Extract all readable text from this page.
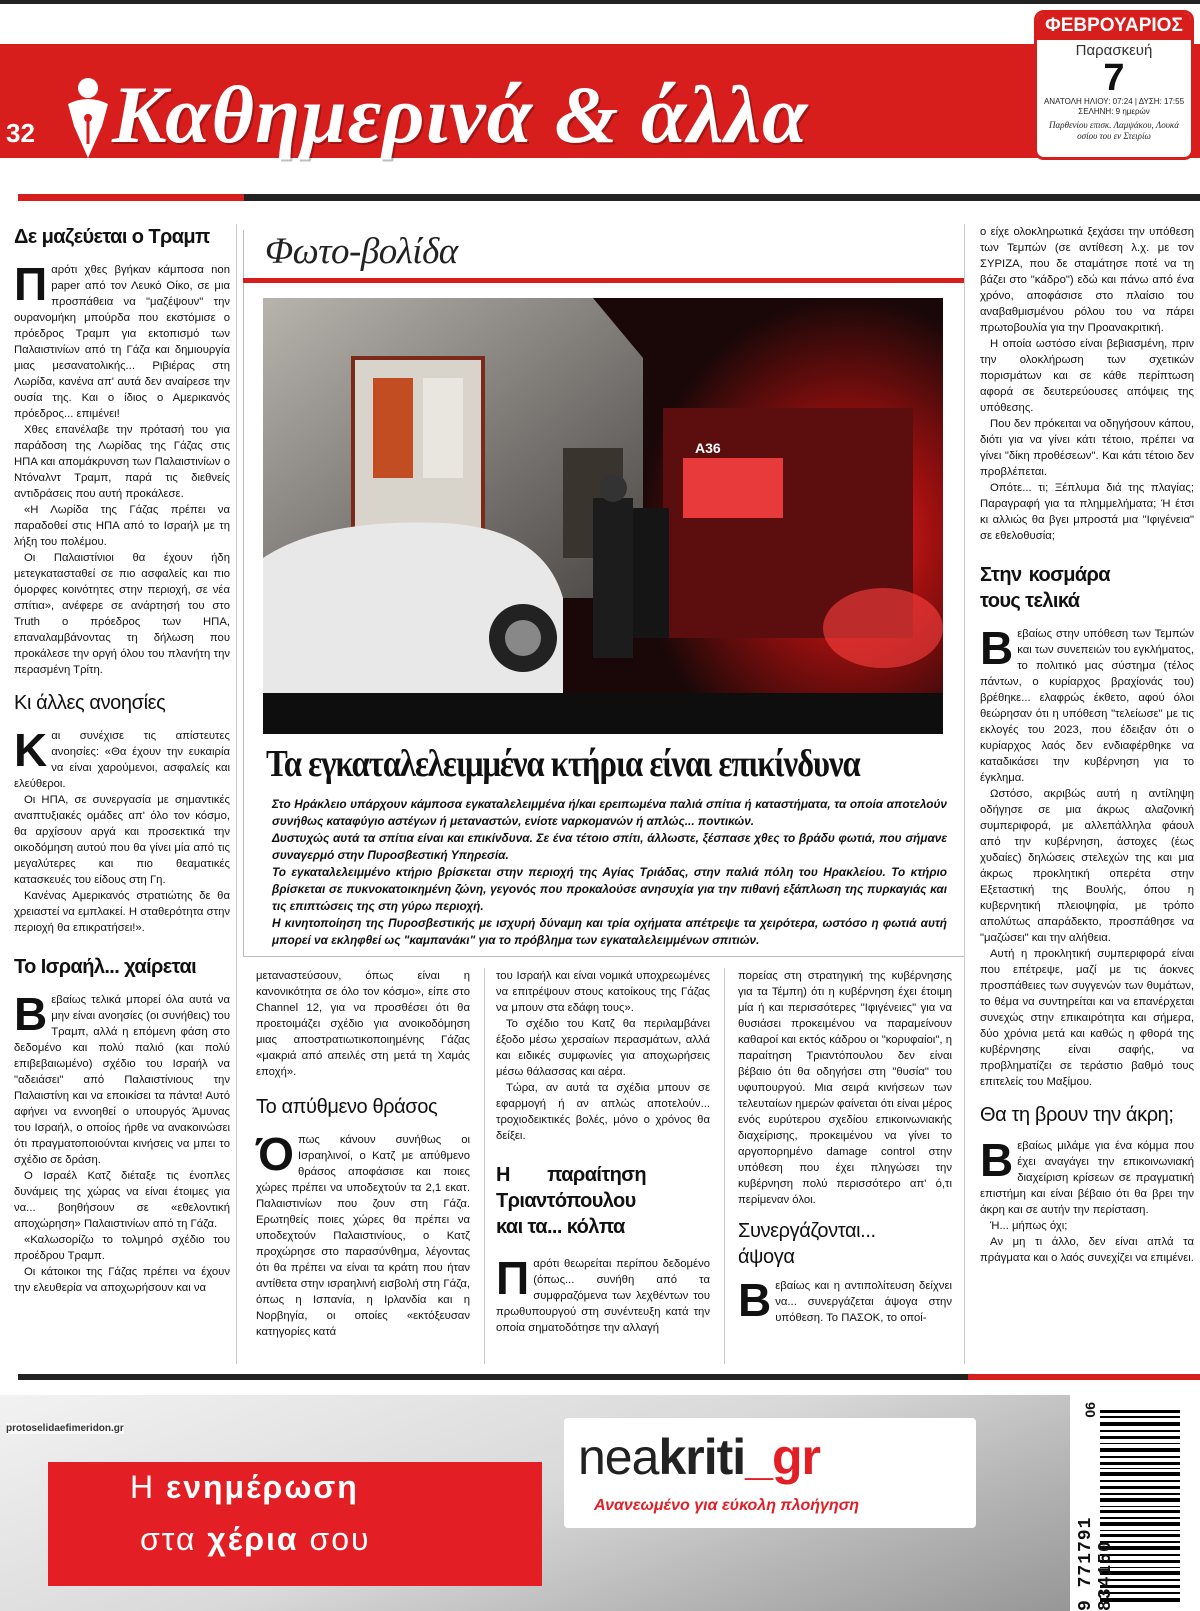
32 Καθημερινά & άλλα
ΦΕΒΡΟΥΑΡΙΟΣ
Παρασκευή
7
ΑΝΑΤΟΛΗ ΗΛΙΟΥ: 07:24 | ΔΥΣΗ: 17:55
ΣΕΛΗΝΗ: 9 ημερών
Παρθενίου επισκ. Λαμψάκου, Λουκά οσίου του εν Στειρίω
Δε μαζεύεται ο Τραμπ

Παρότι χθες βγήκαν κάμποσα non paper από τον Λευκό Οίκο, σε μια προσπάθεια να "μαζέψουν" την ουρανομήκη μπούρδα που εκστόμισε ο πρόεδρος Τραμπ για εκτοπισμό των Παλαιστινίων από τη Γάζα και δημιουργία μιας μεσανατολικής... Ριβιέρας στη Λωρίδα, κανένα απ' αυτά δεν αναίρεσε την ουσία της. Και ο ίδιος ο Αμερικανός πρόεδρος... επιμένει!

Χθες επανέλαβε την πρότασή του για παράδοση της Λωρίδας της Γάζας στις ΗΠΑ και απομάκρυνση των Παλαιστινίων ο Ντόναλντ Τραμπ, παρά τις διεθνείς αντιδράσεις που αυτή προκάλεσε.

«Η Λωρίδα της Γάζας πρέπει να παραδοθεί στις ΗΠΑ από το Ισραήλ με τη λήξη του πολέμου.

Οι Παλαιστίνιοι θα έχουν ήδη μετεγκατασταθεί σε πιο ασφαλείς και πιο όμορφες κοινότητες στην περιοχή, σε νέα σπίτια», ανέφερε σε ανάρτησή του στο Truth ο πρόεδρος των ΗΠΑ, επαναλαμβάνοντας τη δήλωση που προκάλεσε την οργή όλου του πλανήτη την περασμένη Τρίτη.

Κι άλλες ανοησίες

Και συνέχισε τις απίστευτες ανοησίες: «Θα έχουν την ευκαιρία να είναι χαρούμενοι, ασφαλείς και ελεύθεροι.

Οι ΗΠΑ, σε συνεργασία με σημαντικές αναπτυξιακές ομάδες απ' όλο τον κόσμο, θα αρχίσουν αργά και προσεκτικά την οικοδόμηση αυτού που θα γίνει μία από τις μεγαλύτερες και πιο θεαματικές κατασκευές του είδους στη Γη.

Κανένας Αμερικανός στρατιώτης δε θα χρειαστεί να εμπλακεί. Η σταθερότητα στην περιοχή θα επικρατήσει!».

Το Ισραήλ... χαίρεται

Βεβαίως τελικά μπορεί όλα αυτά να μην είναι ανοησίες (οι συνήθεις) του Τραμπ, αλλά η επόμενη φάση στο δεδομένο και πολύ παλιό (και πολύ επιβεβαιωμένο) σχέδιο του Ισραήλ να "αδειάσει" από Παλαιστίνιους την Παλαιστίνη και να εποικίσει τα πάντα! Αυτό αφήνει να εννοηθεί ο υπουργός Άμυνας του Ισραήλ, ο οποίος ήρθε να ανακοινώσει ότι πραγματοποιούνται κινήσεις να μπει το σχέδιο σε δράση.

Ο Ισραέλ Κατζ διέταξε τις ένοπλες δυνάμεις της χώρας να είναι έτοιμες για να... βοηθήσουν σε «εθελοντική αποχώρηση» Παλαιστινίων από τη Γάζα.

«Καλωσορίζω το τολμηρό σχέδιο του προέδρου Τραμπ.

Οι κάτοικοι της Γάζας πρέπει να έχουν την ελευθερία να αποχωρήσουν και να

Φωτο-βολίδα
A36
Τα εγκαταλελειμμένα κτήρια είναι επικίνδυνα

Στο Ηράκλειο υπάρχουν κάμποσα εγκαταλελειμμένα ή/και ερειπωμένα παλιά σπίτια ή καταστήματα, τα οποία αποτελούν συνήθως καταφύγιο αστέγων ή μεταναστών, ενίοτε ναρκομανών ή απλώς... ποντικών.

Δυστυχώς αυτά τα σπίτια είναι και επικίνδυνα. Σε ένα τέτοιο σπίτι, άλλωστε, ξέσπασε χθες το βράδυ φωτιά, που σήμανε συναγερμό στην Πυροσβεστική Υπηρεσία.

Το εγκαταλελειμμένο κτήριο βρίσκεται στην περιοχή της Αγίας Τριάδας, στην παλιά πόλη του Ηρακλείου. Το κτήριο βρίσκεται σε πυκνοκατοικημένη ζώνη, γεγονός που προκαλούσε ανησυχία για την πιθανή εξάπλωση της πυρκαγιάς και τις επιπτώσεις της στη γύρω περιοχή.

Η κινητοποίηση της Πυροσβεστικής με ισχυρή δύναμη και τρία οχήματα απέτρεψε τα χειρότερα, ωστόσο η φωτιά αυτή μπορεί να εκληφθεί ως "καμπανάκι" για το πρόβλημα των εγκαταλελειμμένων σπιτιών.

μεταναστεύσουν, όπως είναι η κανονικότητα σε όλο τον κόσμο», είπε στο Channel 12, για να προσθέσει ότι θα προετοιμάζει σχέδιο για ανοικοδόμηση μιας αποστρατιωτικοποιημένης Γάζας «μακριά από απειλές στη μετά τη Χαμάς εποχή».

Το απύθμενο θράσος

Όπως κάνουν συνήθως οι Ισραηλινοί, ο Κατζ με απύθμενο θράσος αποφάσισε και ποιες χώρες πρέπει να υποδεχτούν τα 2,1 εκατ. Παλαιστινίων που ζουν στη Γάζα. Ερωτηθείς ποιες χώρες θα πρέπει να υποδεχτούν Παλαιστινίους, ο Κατζ προχώρησε στο παρασύνθημα, λέγοντας ότι θα πρέπει να είναι τα κράτη που ήταν αντίθετα στην ισραηλινή εισβολή στη Γάζα, όπως η Ισπανία, η Ιρλανδία και η Νορβηγία, οι οποίες «εκτόξευσαν κατηγορίες κατά

του Ισραήλ και είναι νομικά υποχρεωμένες να επιτρέψουν στους κατοίκους της Γάζας να μπουν στα εδάφη τους».

Το σχέδιο του Κατζ θα περιλαμβάνει έξοδο μέσω χερσαίων περασμάτων, αλλά και ειδικές συμφωνίες για αποχωρήσεις μέσω θάλασσας και αέρα.

Τώρα, αν αυτά τα σχέδια μπουν σε εφαρμογή ή αν απλώς αποτελούν... τροχιοδεικτικές βολές, μόνο ο χρόνος θα δείξει.

Η παραίτηση Τριαντόπουλου και τα... κόλπα

Παρότι θεωρείται περίπου δεδομένο (όπως... συνήθη από τα συμφραζόμενα των λεχθέντων του πρωθυπουργού στη συνέντευξη κατά την οποία σηματοδότησε την αλλαγή

πορείας στη στρατηγική της κυβέρνησης για τα Τέμπη) ότι η κυβέρνηση έχει έτοιμη μία ή και περισσότερες "Ιφιγένειες" για να θυσιάσει προκειμένου να παραμείνουν καθαροί και εκτός κάδρου οι "κορυφαίοι", η παραίτηση Τριαντόπουλου δεν είναι βέβαιο ότι θα οδηγήσει στη "θυσία" του υφυπουργού. Μια σειρά κινήσεων των τελευταίων ημερών φαίνεται ότι είναι μέρος ενός ευρύτερου σχεδίου επικοινωνιακής διαχείρισης, προκειμένου να γίνει το αργοπορημένο damage control στην υπόθεση που έχει πληγώσει την κυβέρνηση πολύ περισσότερο απ' ό,τι περίμεναν όλοι.

Συνεργάζονται... άψογα

Βεβαίως και η αντιπολίτευση δείχνει να... συνεργάζεται άψογα στην υπόθεση. Το ΠΑΣΟΚ, το οποί-

ο είχε ολοκληρωτικά ξεχάσει την υπόθεση των Τεμπών (σε αντίθεση λ.χ. με τον ΣΥΡΙΖΑ, που δε σταμάτησε ποτέ να τη βάζει στο "κάδρο") εδώ και πάνω από ένα χρόνο, αποφάσισε στο πλαίσιο του αναβαθμισμένου ρόλου του να πάρει πρωτοβουλία για την Προανακριτική.

Η οποία ωστόσο είναι βεβιασμένη, πριν την ολοκλήρωση των σχετικών πορισμάτων και σε κάθε περίπτωση αφορά σε δευτερεύουσες απόψεις της υπόθεσης.

Που δεν πρόκειται να οδηγήσουν κάπου, διότι για να γίνει κάτι τέτοιο, πρέπει να γίνει "δίκη προθέσεων". Και κάτι τέτοιο δεν προβλέπεται.

Οπότε... τι; Ξέπλυμα διά της πλαγίας; Παραγραφή για τα πλημμελήματα; Ή έτσι κι αλλιώς θα βγει μπροστά μια "Ιφιγένεια" σε εθελοθυσία;

Στην κοσμάρα τους τελικά

Βεβαίως στην υπόθεση των Τεμπών και των συνεπειών του εγκλήματος, το πολιτικό μας σύστημα (τέλος πάντων, ο κυρίαρχος βραχίονάς του) βρέθηκε... ελαφρώς έκθετο, αφού όλοι θεώρησαν ότι η υπόθεση "τελείωσε" με τις εκλογές του 2023, που έδειξαν ότι ο κυρίαρχος λαός δεν ενδιαφέρθηκε να καταδικάσει την κυβέρνηση για το έγκλημα.

Ωστόσο, ακριβώς αυτή η αντίληψη οδήγησε σε μια άκρως αλαζονική συμπεριφορά, με αλλεπάλληλα φάουλ από την κυβέρνηση, άστοχες (έως χυδαίες) δηλώσεις στελεχών της και μια άκρως προκλητική οπερέτα στην Εξεταστική της Βουλής, όπου η κυβερνητική πλειοψηφία, με τρόπο απολύτως απαράδεκτο, προσπάθησε να "μαζώσει" και την αλήθεια.

Αυτή η προκλητική συμπεριφορά είναι που επέτρεψε, μαζί με τις άοκνες προσπάθειες των συγγενών των θυμάτων, το θέμα να συντηρείται και να επανέρχεται συνεχώς στην επικαιρότητα και σήμερα, δύο χρόνια μετά και καθώς η φθορά της κυβέρνησης είναι σαφής, να προβληματίζει σε τεράστιο βαθμό τους επιτελείς του Μαξίμου.

Θα τη βρουν την άκρη;

Βεβαίως μιλάμε για ένα κόμμα που έχει αναγάγει την επικοινωνιακή διαχείριση κρίσεων σε πραγματική επιστήμη και είναι βέβαιο ότι θα βρει την άκρη και σε αυτήν την περίσταση.

Ή... μήπως όχι;

Αν μη τι άλλο, δεν είναι απλά τα πράγματα και ο λαός συνεχίζει να επιμένει.

protoselidaefimeridon.gr
Η ενημέρωση
στα χέρια σου
neakriti_gr
Ανανεωμένο για εύκολη πλοήγηση
9 771791 834150
06
